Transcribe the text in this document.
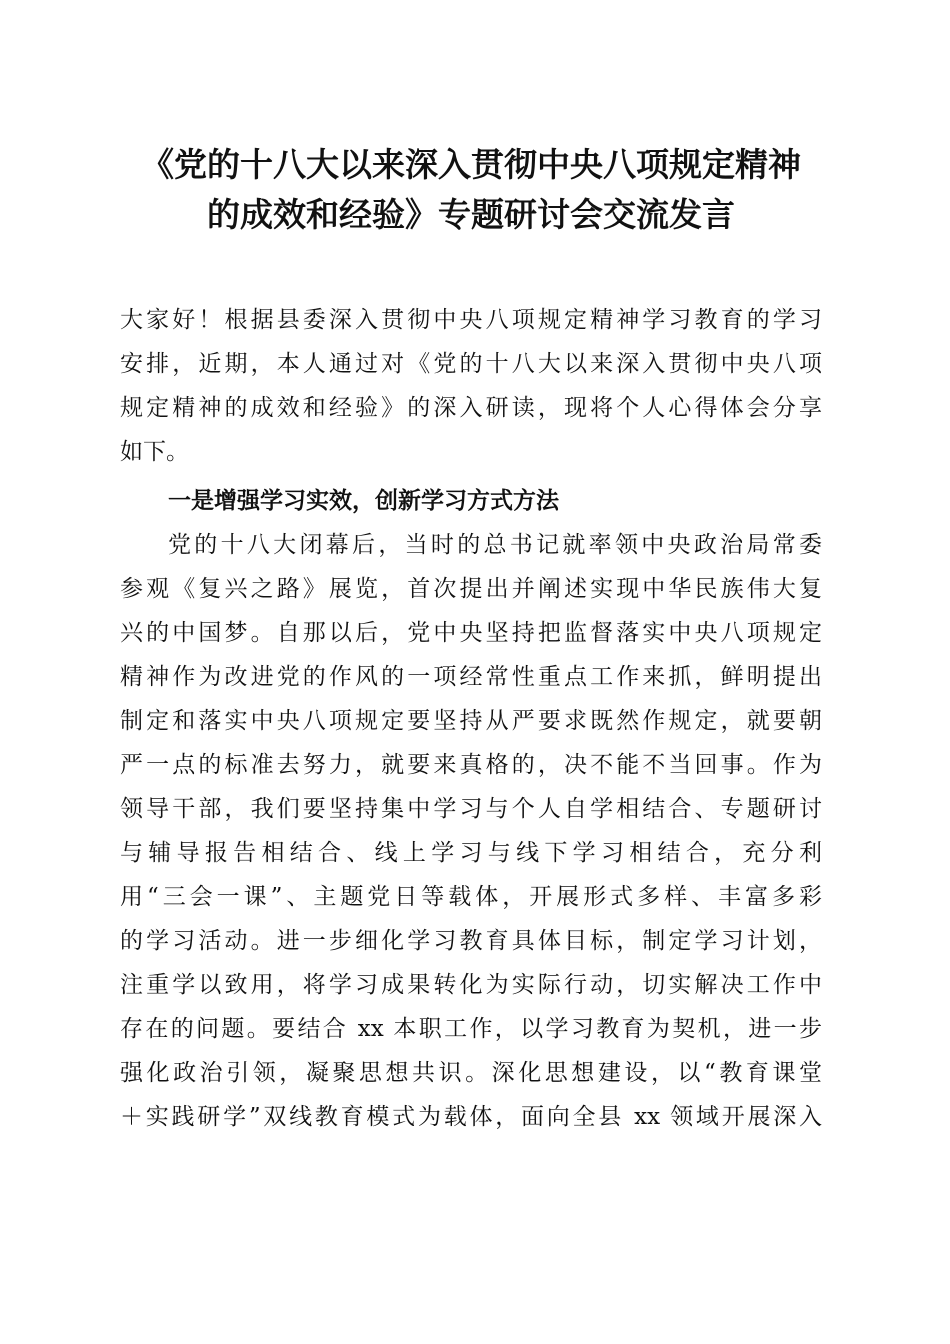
《党的十八大以来深入贯彻中央八项规定精神
的成效和经验》专题研讨会交流发言
大家好！根据县委深入贯彻中央八项规定精神学习教育的学习
安排，近期，本人通过对《党的十八大以来深入贯彻中央八项
规定精神的成效和经验》的深入研读，现将个人心得体会分享
如下。
一是增强学习实效，创新学习方式方法
党的十八大闭幕后，当时的总书记就率领中央政治局常委
参观《复兴之路》展览，首次提出并阐述实现中华民族伟大复
兴的中国梦。自那以后，党中央坚持把监督落实中央八项规定
精神作为改进党的作风的一项经常性重点工作来抓，鲜明提出
制定和落实中央八项规定要坚持从严要求既然作规定，就要朝
严一点的标准去努力，就要来真格的，决不能不当回事。作为
领导干部，我们要坚持集中学习与个人自学相结合、专题研讨
与辅导报告相结合、线上学习与线下学习相结合，充分利
用“三会一课”、主题党日等载体，开展形式多样、丰富多彩
的学习活动。进一步细化学习教育具体目标，制定学习计划，
注重学以致用，将学习成果转化为实际行动，切实解决工作中
存在的问题。要结合 xx 本职工作，以学习教育为契机，进一步
强化政治引领，凝聚思想共识。深化思想建设，以“教育课堂
＋实践研学”双线教育模式为载体，面向全县 xx 领域开展深入
